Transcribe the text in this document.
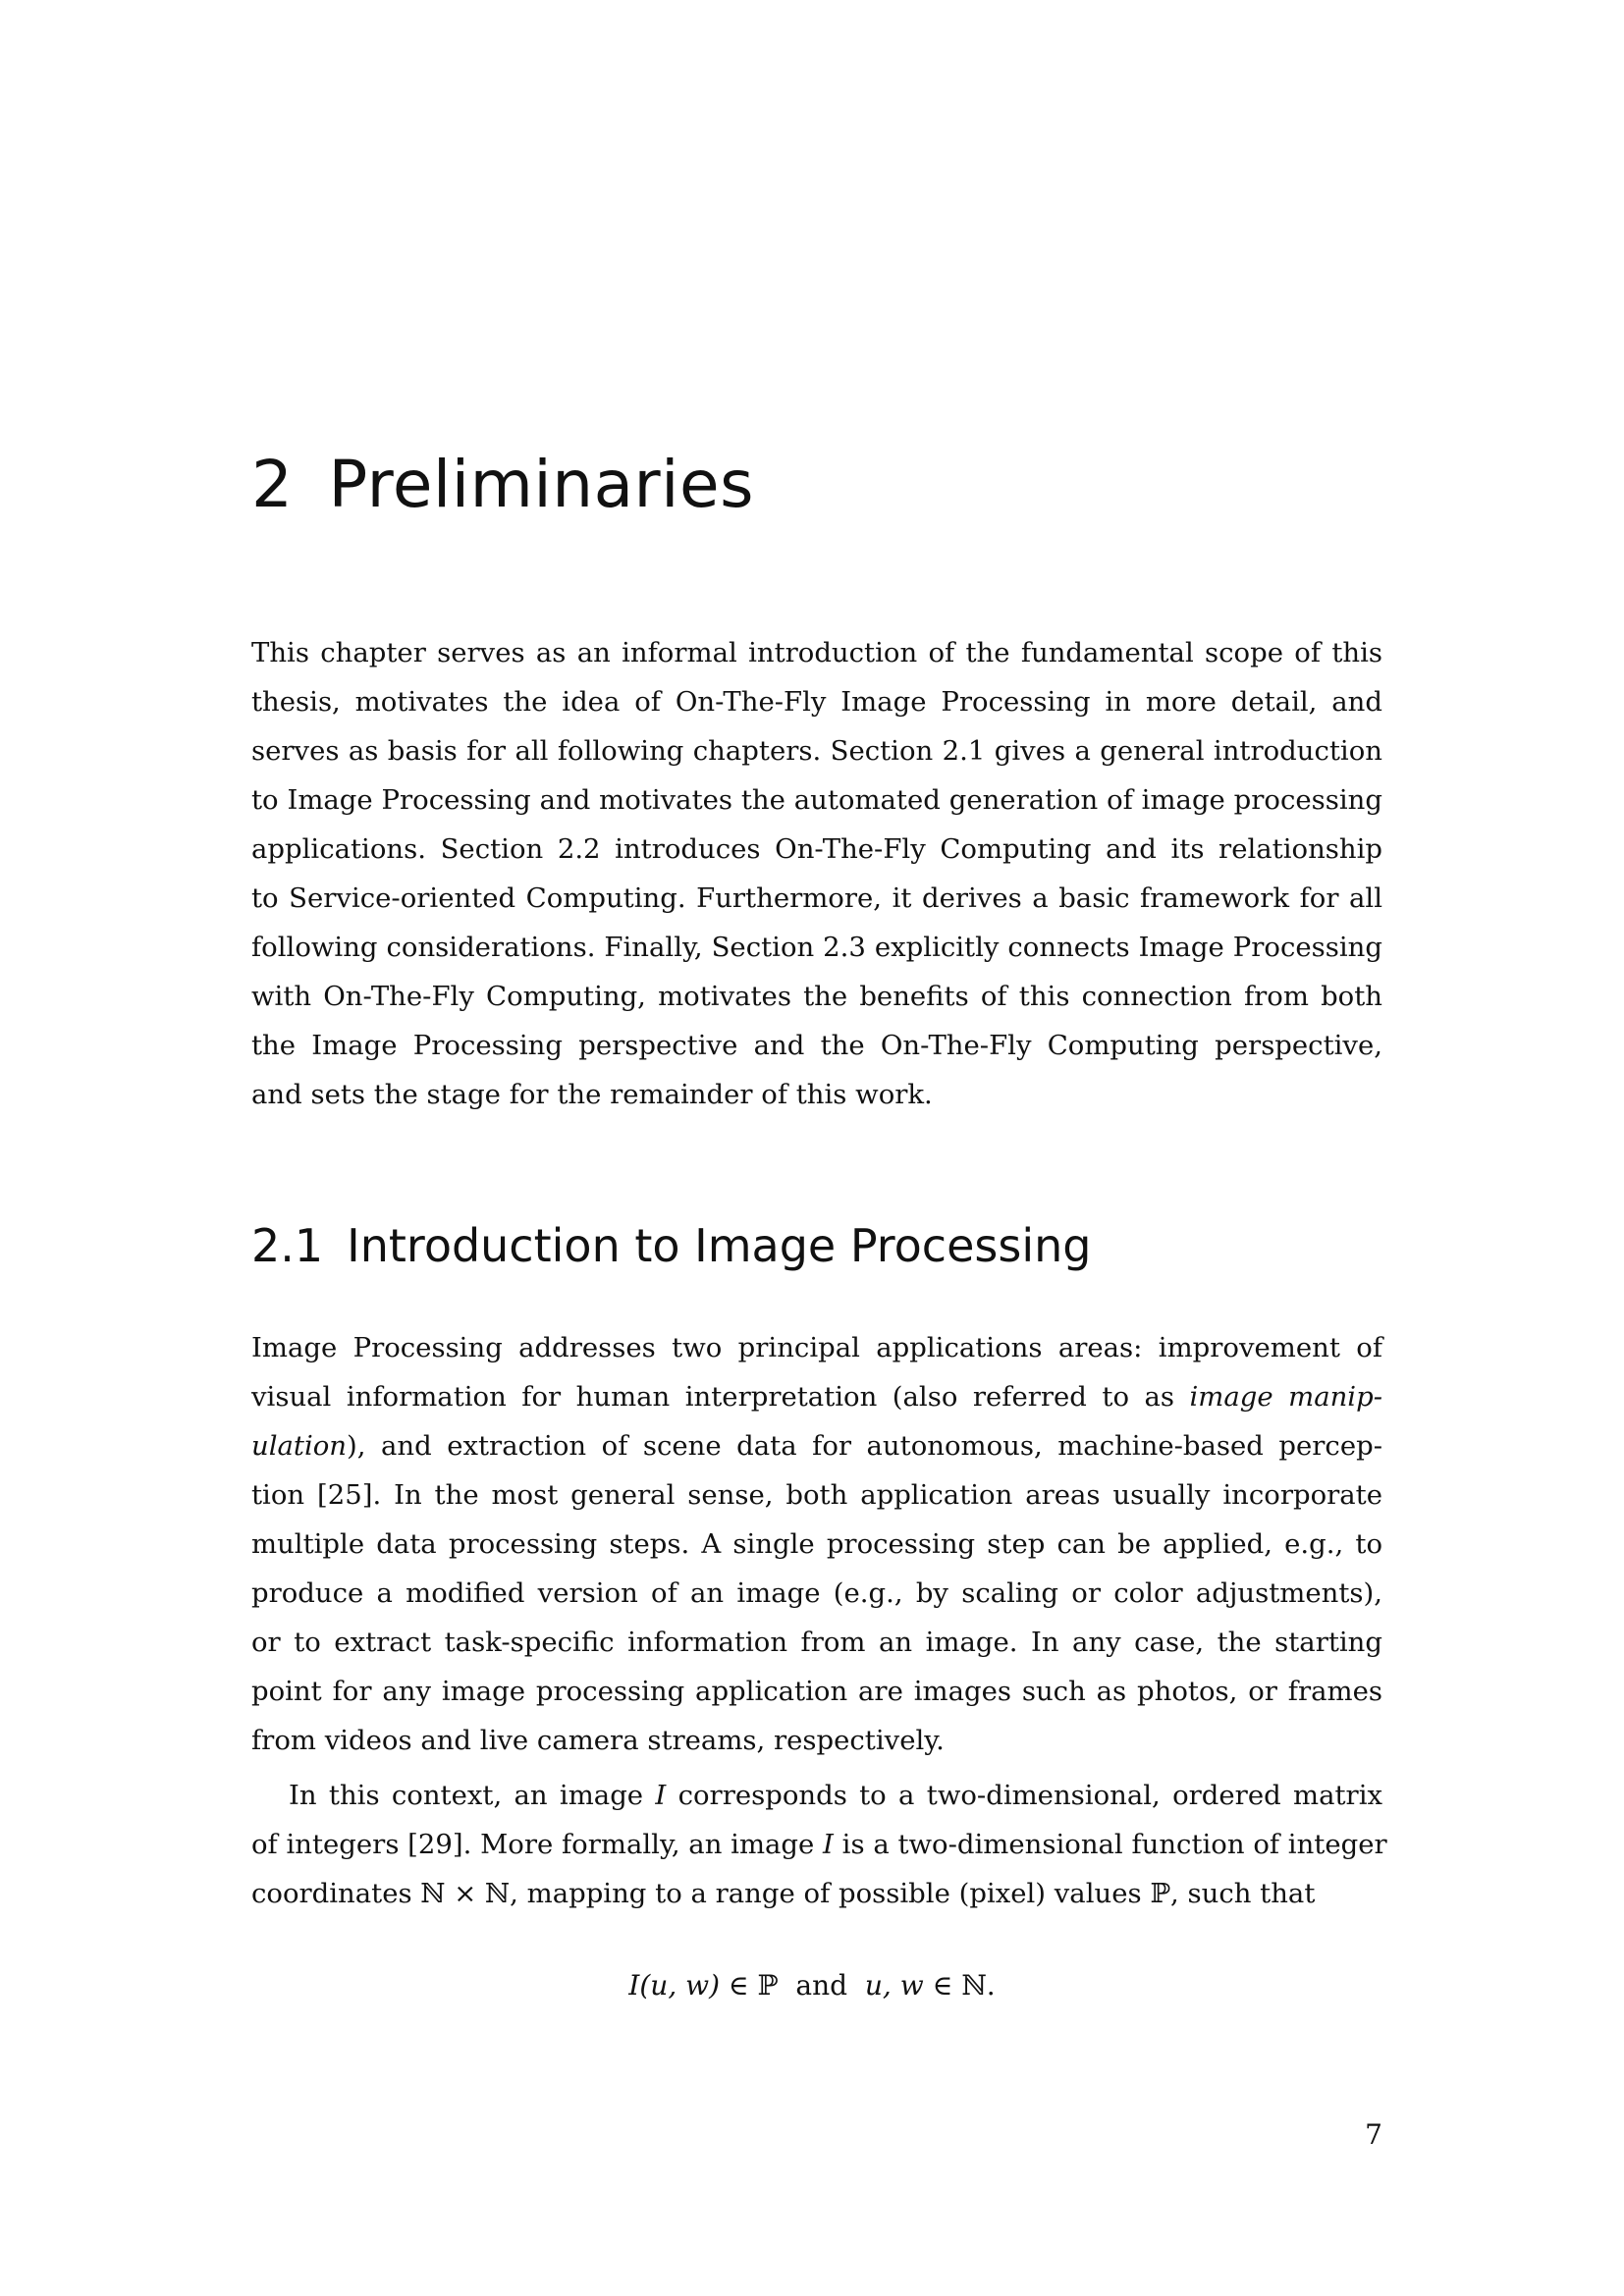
2 Preliminaries
This chapter serves as an informal introduction of the fundamental scope of this
thesis, motivates the idea of On-The-Fly Image Processing in more detail, and
serves as basis for all following chapters. Section 2.1 gives a general introduction
to Image Processing and motivates the automated generation of image processing
applications. Section 2.2 introduces On-The-Fly Computing and its relationship
to Service-oriented Computing. Furthermore, it derives a basic framework for all
following considerations. Finally, Section 2.3 explicitly connects Image Processing
with On-The-Fly Computing, motivates the benefits of this connection from both
the Image Processing perspective and the On-The-Fly Computing perspective,
and sets the stage for the remainder of this work.
2.1 Introduction to Image Processing
Image Processing addresses two principal applications areas: improvement of
visual information for human interpretation (also referred to as image manip-
ulation), and extraction of scene data for autonomous, machine-based percep-
tion [25]. In the most general sense, both application areas usually incorporate
multiple data processing steps. A single processing step can be applied, e.g., to
produce a modified version of an image (e.g., by scaling or color adjustments),
or to extract task-specific information from an image. In any case, the starting
point for any image processing application are images such as photos, or frames
from videos and live camera streams, respectively.
In this context, an image I corresponds to a two-dimensional, ordered matrix
of integers [29]. More formally, an image I is a two-dimensional function of integer
coordinates ℕ × ℕ, mapping to a range of possible (pixel) values ℙ, such that
I(u, w) ∈ ℙ  and  u, w ∈ ℕ.
7
